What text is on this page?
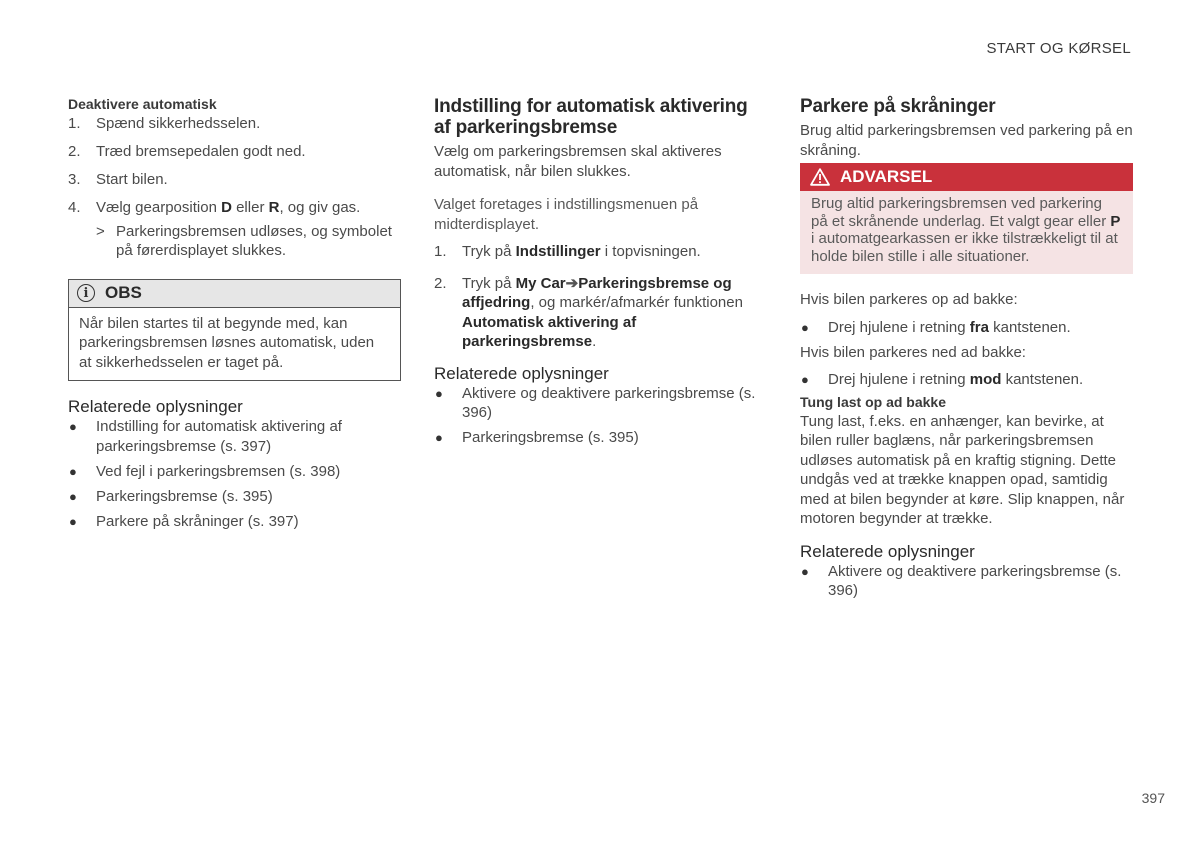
START OG KØRSEL
Deaktivere automatisk
1. Spænd sikkerhedsselen.
2. Træd bremsepedalen godt ned.
3. Start bilen.
4. Vælg gearposition D eller R, og giv gas.
> Parkeringsbremsen udløses, og symbolet på førerdisplayet slukkes.
i OBS
Når bilen startes til at begynde med, kan parkeringsbremsen løsnes automatisk, uden at sikkerhedsselen er taget på.
Relaterede oplysninger
● Indstilling for automatisk aktivering af parkeringsbremse (s. 397)
● Ved fejl i parkeringsbremsen (s. 398)
● Parkeringsbremse (s. 395)
● Parkere på skråninger (s. 397)
Indstilling for automatisk aktivering af parkeringsbremse

Vælg om parkeringsbremsen skal aktiveres automatisk, når bilen slukkes.

Valget foretages i indstillingsmenuen på midterdisplayet.

1. Tryk på Indstillinger i topvisningen.
2. Tryk på My Car➔Parkeringsbremse og affjedring, og markér/afmarkér funktionen Automatisk aktivering af parkeringsbremse.
Relaterede oplysninger
● Aktivere og deaktivere parkeringsbremse (s. 396)
● Parkeringsbremse (s. 395)
Parkere på skråninger

Brug altid parkeringsbremsen ved parkering på en skråning.

ADVARSEL
Brug altid parkeringsbremsen ved parkering på et skrånende underlag. Et valgt gear eller P i automatgearkassen er ikke tilstrækkeligt til at holde bilen stille i alle situationer.

Hvis bilen parkeres op ad bakke:

● Drej hjulene i retning fra kantstenen.

Hvis bilen parkeres ned ad bakke:

● Drej hjulene i retning mod kantstenen.
Tung last op ad bakke

Tung last, f.eks. en anhænger, kan bevirke, at bilen ruller baglæns, når parkeringsbremsen udløses automatisk på en kraftig stigning. Dette undgås ved at trække knappen opad, samtidig med at bilen begynder at køre. Slip knappen, når motoren begynder at trække.

Relaterede oplysninger
● Aktivere og deaktivere parkeringsbremse (s. 396)
397
